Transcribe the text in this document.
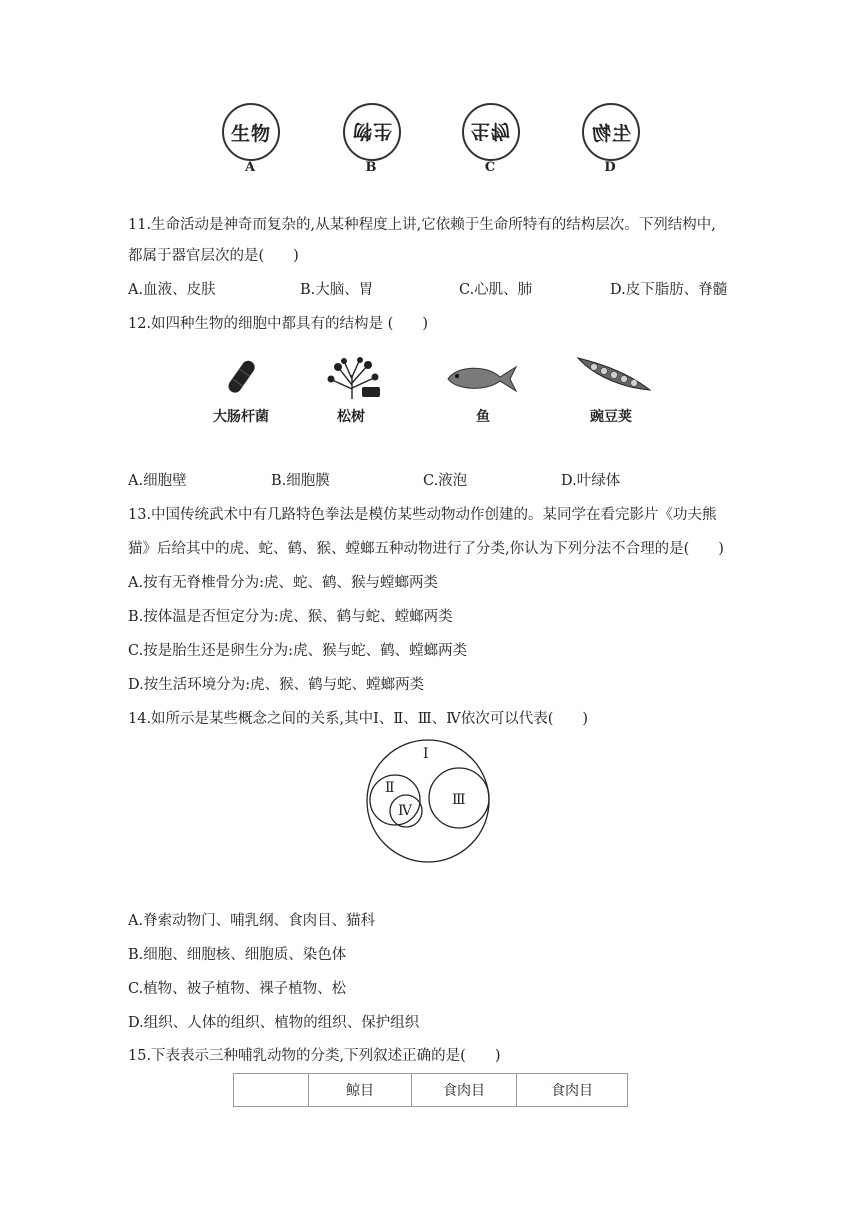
生物	生物	生物	生物
A	B	C	D
11.生命活动是神奇而复杂的,从某种程度上讲,它依赖于生命所特有的结构层次。下列结构中,
都属于器官层次的是(　　)
A.血液、皮肤	B.大脑、胃	C.心肌、肺	D.皮下脂肪、脊髓
12.如四种生物的细胞中都具有的结构是 (　　)
大肠杆菌	松树	鱼	豌豆荚
A.细胞壁	B.细胞膜	C.液泡	D.叶绿体
13.中国传统武术中有几路特色拳法是模仿某些动物动作创建的。某同学在看完影片《功夫熊
猫》后给其中的虎、蛇、鹤、猴、螳螂五种动物进行了分类,你认为下列分法不合理的是(　　)
A.按有无脊椎骨分为:虎、蛇、鹤、猴与螳螂两类
B.按体温是否恒定分为:虎、猴、鹤与蛇、螳螂两类
C.按是胎生还是卵生分为:虎、猴与蛇、鹤、螳螂两类
D.按生活环境分为:虎、猴、鹤与蛇、螳螂两类
14.如所示是某些概念之间的关系,其中Ⅰ、Ⅱ、Ⅲ、Ⅳ依次可以代表(　　)
Ⅰ
Ⅱ
Ⅲ
Ⅳ
A.脊索动物门、哺乳纲、食肉目、猫科
B.细胞、细胞核、细胞质、染色体
C.植物、被子植物、裸子植物、松
D.组织、人体的组织、植物的组织、保护组织
15.下表表示三种哺乳动物的分类,下列叙述正确的是(　　)
	鲸目	食肉目	食肉目
